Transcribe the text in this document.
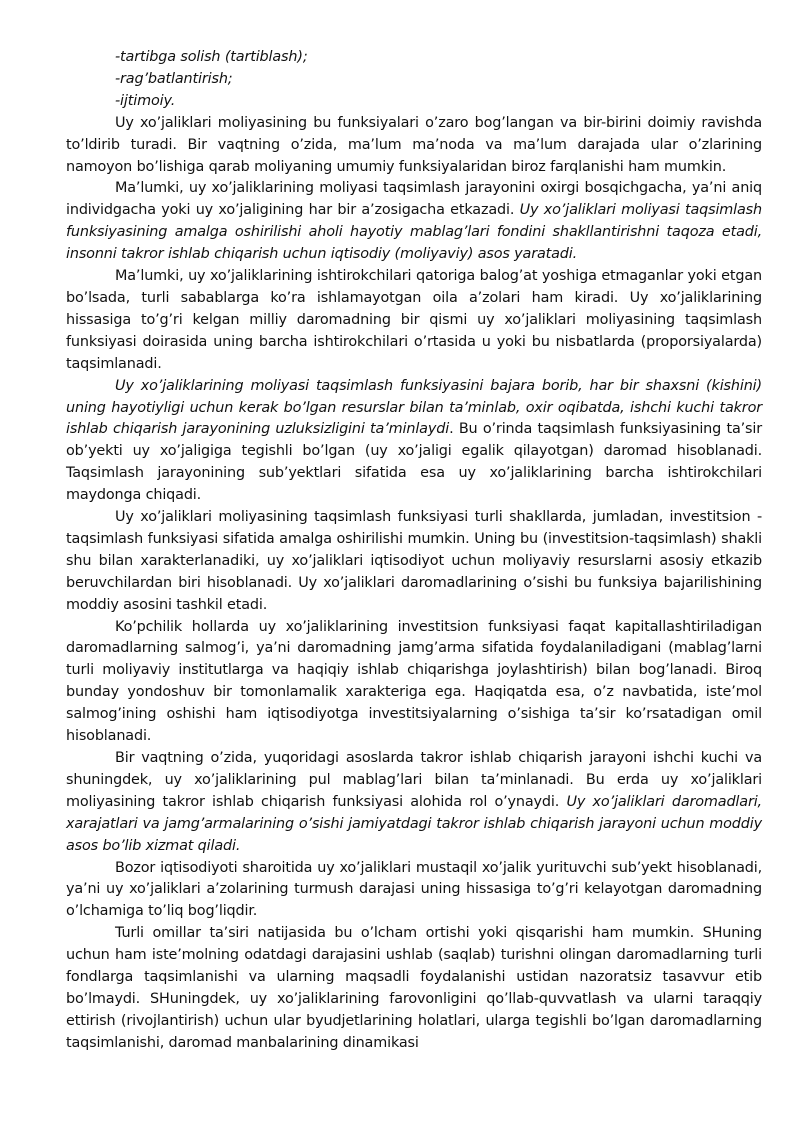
-tartibga solish (tartiblash);
-rag’batlantirish;
-ijtimoiy.

Uy xo’jaliklari moliyasining bu funksiyalari o’zaro bog’langan va bir-birini doimiy ravishda to’ldirib turadi. Bir vaqtning o’zida, ma’lum ma’noda va ma’lum darajada ular o’zlarining namoyon bo’lishiga qarab moliyaning umumiy funksiyalaridan biroz farqlanishi ham mumkin.

Ma’lumki, uy xo’jaliklarining moliyasi taqsimlash jarayonini oxirgi bosqichgacha, ya’ni aniq individgacha yoki uy xo’jaligining har bir a’zosigacha etkazadi. Uy xo’jaliklari moliyasi taqsimlash funksiyasining amalga oshirilishi aholi hayotiy mablag’lari fondini shakllantirishni taqoza etadi, insonni takror ishlab chiqarish uchun iqtisodiy (moliyaviy) asos yaratadi.

Ma’lumki, uy xo’jaliklarining ishtirokchilari qatoriga balog’at yoshiga etmaganlar yoki etgan bo’lsada, turli sabablarga ko’ra ishlamayotgan oila a’zolari ham kiradi. Uy xo’jaliklarining hissasiga to’g’ri kelgan milliy daromadning bir qismi uy xo’jaliklari moliyasining taqsimlash funksiyasi doirasida uning barcha ishtirokchilari o’rtasida u yoki bu nisbatlarda (proporsiyalarda) taqsimlanadi.

Uy xo’jaliklarining moliyasi taqsimlash funksiyasini bajara borib, har bir shaxsni (kishini) uning hayotiyligi uchun kerak bo’lgan resurslar bilan ta’minlab, oxir oqibatda, ishchi kuchi takror ishlab chiqarish jarayonining uzluksizligini ta’minlaydi. Bu o’rinda taqsimlash funksiyasining ta’sir ob’yekti uy xo’jaligiga tegishli bo’lgan (uy xo’jaligi egalik qilayotgan) daromad hisoblanadi. Taqsimlash jarayonining sub’yektlari sifatida esa uy xo’jaliklarining barcha ishtirokchilari maydonga chiqadi.

Uy xo’jaliklari moliyasining taqsimlash funksiyasi turli shakllarda, jumladan, investitsion - taqsimlash funksiyasi sifatida amalga oshirilishi mumkin. Uning bu (investitsion-taqsimlash) shakli shu bilan xarakterlanadiki, uy xo’jaliklari iqtisodiyot uchun moliyaviy resurslarni asosiy etkazib beruvchilardan biri hisoblanadi. Uy xo’jaliklari daromadlarining o’sishi bu funksiya bajarilishining moddiy asosini tashkil etadi.

Ko’pchilik hollarda uy xo’jaliklarining investitsion funksiyasi faqat kapitallashtiriladigan daromadlarning salmog’i, ya’ni daromadning jamg’arma sifatida foydalaniladigani (mablag’larni turli moliyaviy institutlarga va haqiqiy ishlab chiqarishga joylashtirish) bilan bog’lanadi. Biroq bunday yondoshuv bir tomonlamalik xarakteriga ega. Haqiqatda esa, o’z navbatida, iste’mol salmog’ining oshishi ham iqtisodiyotga investitsiyalarning o’sishiga ta’sir ko’rsatadigan omil hisoblanadi.

Bir vaqtning o’zida, yuqoridagi asoslarda takror ishlab chiqarish jarayoni ishchi kuchi va shuningdek, uy xo’jaliklarining pul mablag’lari bilan ta’minlanadi. Bu erda uy xo’jaliklari moliyasining takror ishlab chiqarish funksiyasi alohida rol o’ynaydi. Uy xo’jaliklari daromadlari, xarajatlari va jamg’armalarining o’sishi jamiyatdagi takror ishlab chiqarish jarayoni uchun moddiy asos bo’lib xizmat qiladi.

Bozor iqtisodiyoti sharoitida uy xo’jaliklari mustaqil xo’jalik yurituvchi sub’yekt hisoblanadi, ya’ni uy xo’jaliklari a’zolarining turmush darajasi uning hissasiga to’g’ri kelayotgan daromadning o’lchamiga to’liq bog’liqdir.

Turli omillar ta’siri natijasida bu o’lcham ortishi yoki qisqarishi ham mumkin. SHuning uchun ham iste’molning odatdagi darajasini ushlab (saqlab) turishni olingan daromadlarning turli fondlarga taqsimlanishi va ularning maqsadli foydalanishi ustidan nazoratsiz tasavvur etib bo’lmaydi. SHuningdek, uy xo’jaliklarining farovonligini qo’llab-quvvatlash va ularni taraqqiy ettirish (rivojlantirish) uchun ular byudjetlarining holatlari, ularga tegishli bo’lgan daromadlarning taqsimlanishi, daromad manbalarining dinamikasi
